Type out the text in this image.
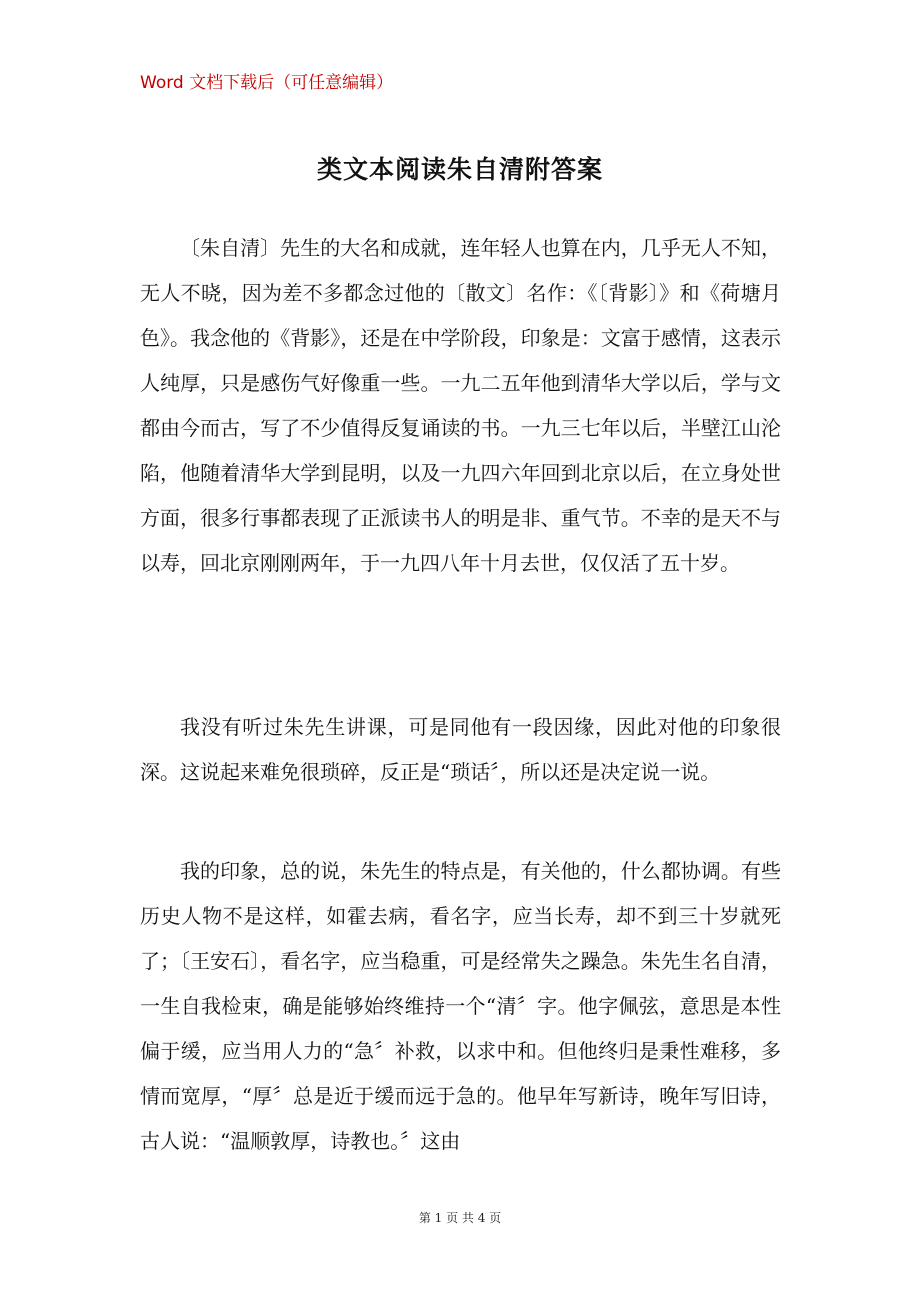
Word 文档下载后（可任意编辑）
类文本阅读朱自清附答案

〔朱自清〕先生的大名和成就，连年轻人也算在内，几乎无人不知，无人不晓，因为差不多都念过他的〔散文〕名作：《〔背影〕》和《荷塘月色》。我念他的《背影》，还是在中学阶段，印象是：文富于感情，这表示人纯厚，只是感伤气好像重一些。一九二五年他到清华大学以后，学与文都由今而古，写了不少值得反复诵读的书。一九三七年以后，半壁江山沦陷，他随着清华大学到昆明，以及一九四六年回到北京以后，在立身处世方面，很多行事都表现了正派读书人的明是非、重气节。不幸的是天不与以寿，回北京刚刚两年，于一九四八年十月去世，仅仅活了五十岁。

我没有听过朱先生讲课，可是同他有一段因缘，因此对他的印象很深。这说起来难免很琐碎，反正是“琐话〞，所以还是决定说一说。

我的印象，总的说，朱先生的特点是，有关他的，什么都协调。有些历史人物不是这样，如霍去病，看名字，应当长寿，却不到三十岁就死了；〔王安石〕，看名字，应当稳重，可是经常失之躁急。朱先生名自清，一生自我检束，确是能够始终维持一个“清〞字。他字佩弦，意思是本性偏于缓，应当用人力的“急〞补救，以求中和。但他终归是秉性难移，多情而宽厚，“厚〞总是近于缓而远于急的。他早年写新诗，晚年写旧诗，古人说：“温顺敦厚，诗教也。〞这由

第 1 页 共 4 页
